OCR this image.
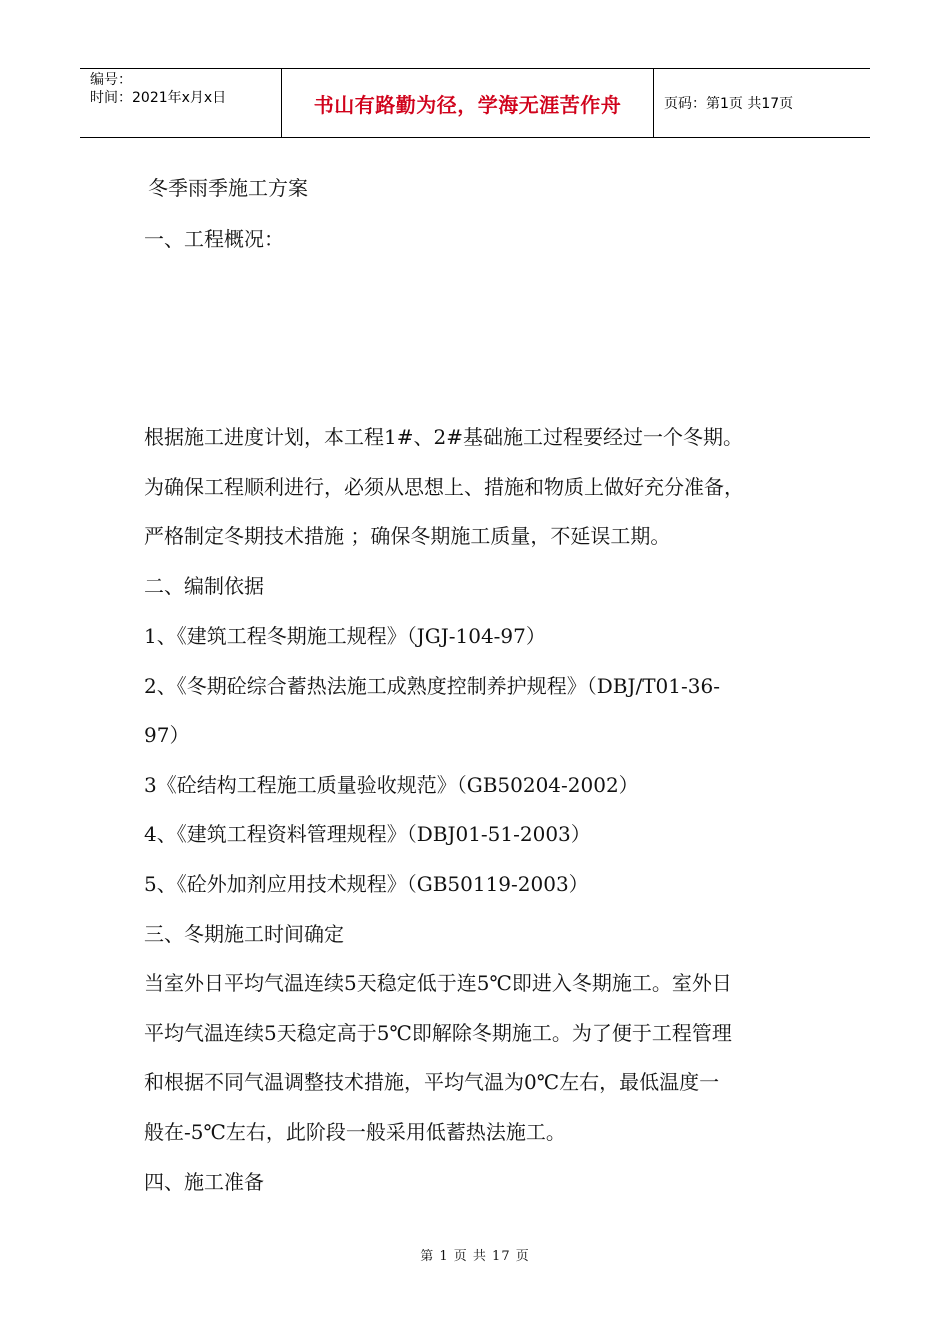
编号：
时间：2021年x月x日	书山有路勤为径，学海无涯苦作舟	页码：第1页 共17页
冬季雨季施工方案
一、工程概况：
根据施工进度计划，本工程1#、2#基础施工过程要经过一个冬期。
为确保工程顺利进行，必须从思想上、措施和物质上做好充分准备，
严格制定冬期技术措施 ；确保冬期施工质量，不延误工期。
二、编制依据
1、《建筑工程冬期施工规程》（JGJ-104-97）
2、《冬期砼综合蓄热法施工成熟度控制养护规程》（DBJ/T01-36-
97）
3《砼结构工程施工质量验收规范》（GB50204-2002）
4、《建筑工程资料管理规程》（DBJ01-51-2003）
5、《砼外加剂应用技术规程》（GB50119-2003）
三、冬期施工时间确定
当室外日平均气温连续5天稳定低于连5℃即进入冬期施工。室外日
平均气温连续5天稳定高于5℃即解除冬期施工。为了便于工程管理
和根据不同气温调整技术措施，平均气温为0℃左右，最低温度一
般在-5℃左右，此阶段一般采用低蓄热法施工。
四、施工准备
第 1 页 共 17 页
